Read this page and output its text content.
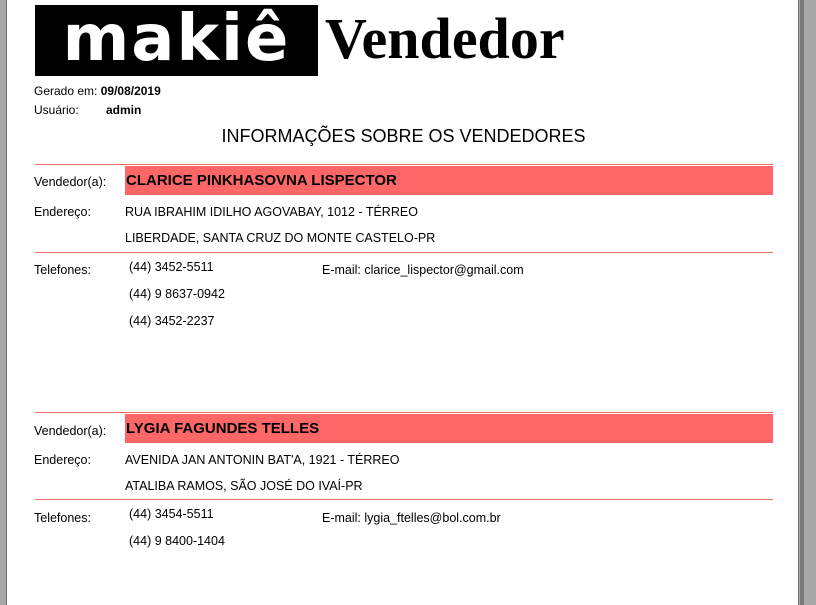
makiê Vendedor
Gerado em: 09/08/2019
Usuário: admin
INFORMAÇÕES SOBRE OS VENDEDORES
Vendedor(a): CLARICE PINKHASOVNA LISPECTOR
Endereço:	RUA IBRAHIM IDILHO AGOVABAY, 1012 - TÉRREO
LIBERDADE, SANTA CRUZ DO MONTE CASTELO-PR
Telefones:	(44) 3452-5511
(44) 9 8637-0942
(44) 3452-2237
E-mail: clarice_lispector@gmail.com
Vendedor(a): LYGIA FAGUNDES TELLES
Endereço:	AVENIDA JAN ANTONIN BAT'A, 1921 - TÉRREO
ATALIBA RAMOS, SÃO JOSÉ DO IVAÍ-PR
Telefones:	(44) 3454-5511
(44) 9 8400-1404
E-mail: lygia_ftelles@bol.com.br
